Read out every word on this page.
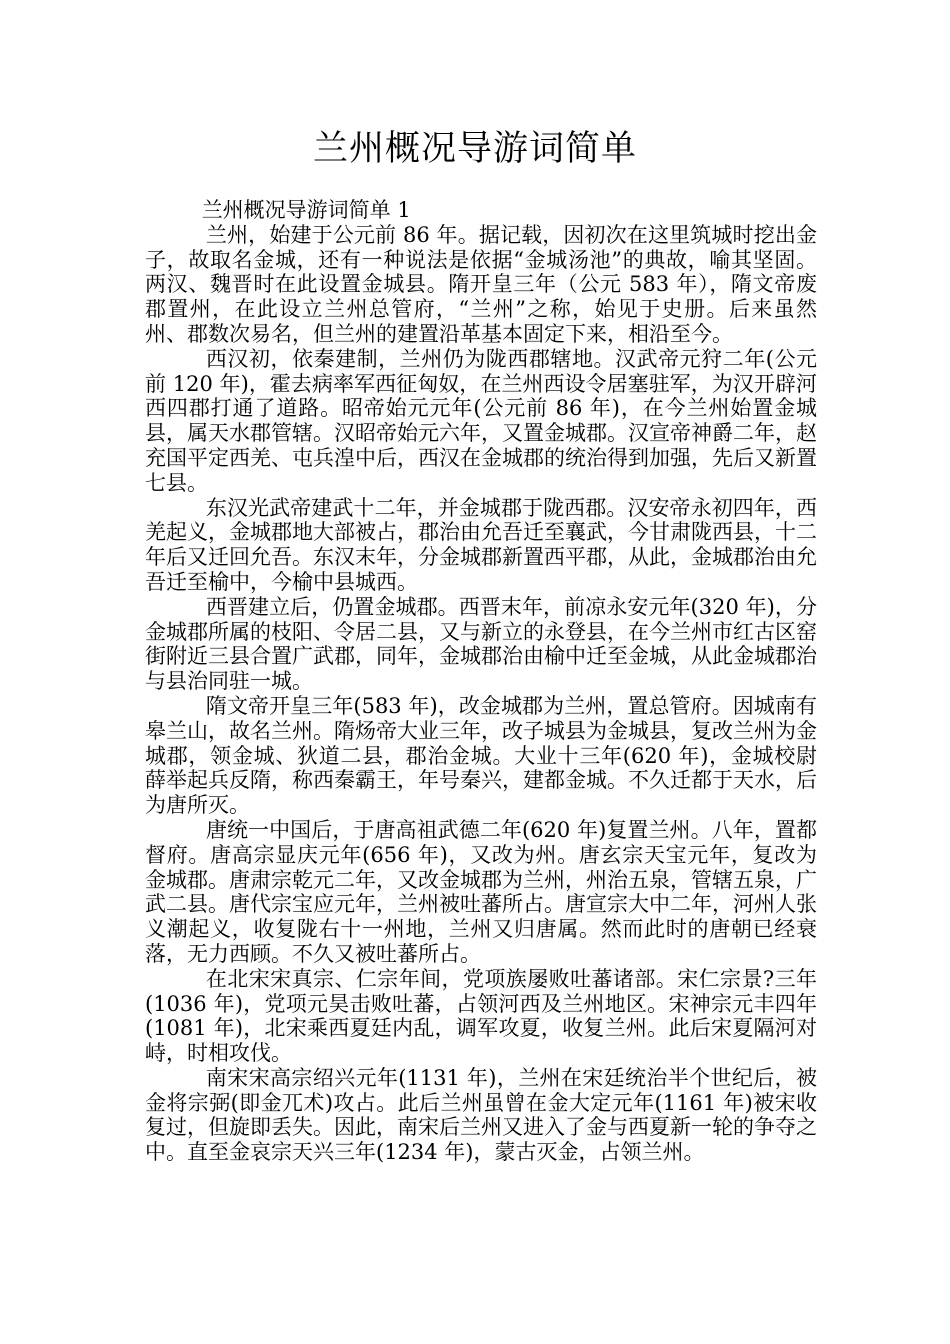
兰州概况导游词简单

兰州概况导游词简单 1

兰州，始建于公元前 86 年。据记载，因初次在这里筑城时挖出金子，故取名金城，还有一种说法是依据“金城汤池”的典故，喻其坚固。两汉、魏晋时在此设置金城县。隋开皇三年（公元 583 年），隋文帝废郡置州，在此设立兰州总管府，“兰州”之称，始见于史册。后来虽然州、郡数次易名，但兰州的建置沿革基本固定下来，相沿至今。

西汉初，依秦建制，兰州仍为陇西郡辖地。汉武帝元狩二年(公元前 120 年)，霍去病率军西征匈奴，在兰州西设令居塞驻军，为汉开辟河西四郡打通了道路。昭帝始元元年(公元前 86 年)，在今兰州始置金城县，属天水郡管辖。汉昭帝始元六年，又置金城郡。汉宣帝神爵二年，赵充国平定西羌、屯兵湟中后，西汉在金城郡的统治得到加强，先后又新置七县。

东汉光武帝建武十二年，并金城郡于陇西郡。汉安帝永初四年，西羌起义，金城郡地大部被占，郡治由允吾迁至襄武，今甘肃陇西县，十二年后又迁回允吾。东汉末年，分金城郡新置西平郡，从此，金城郡治由允吾迁至榆中，今榆中县城西。

西晋建立后，仍置金城郡。西晋末年，前凉永安元年(320 年)，分金城郡所属的枝阳、令居二县，又与新立的永登县，在今兰州市红古区窑街附近三县合置广武郡，同年，金城郡治由榆中迁至金城，从此金城郡治与县治同驻一城。

隋文帝开皇三年(583 年)，改金城郡为兰州，置总管府。因城南有皋兰山，故名兰州。隋炀帝大业三年，改子城县为金城县，复改兰州为金城郡，领金城、狄道二县，郡治金城。大业十三年(620 年)，金城校尉薛举起兵反隋，称西秦霸王，年号秦兴，建都金城。不久迁都于天水，后为唐所灭。

唐统一中国后，于唐高祖武德二年(620 年)复置兰州。八年，置都督府。唐高宗显庆元年(656 年)，又改为州。唐玄宗天宝元年，复改为金城郡。唐肃宗乾元二年，又改金城郡为兰州，州治五泉，管辖五泉，广武二县。唐代宗宝应元年，兰州被吐蕃所占。唐宣宗大中二年，河州人张义潮起义，收复陇右十一州地，兰州又归唐属。然而此时的唐朝已经衰落，无力西顾。不久又被吐蕃所占。

在北宋宋真宗、仁宗年间，党项族屡败吐蕃诸部。宋仁宗景?三年(1036 年)，党项元昊击败吐蕃，占领河西及兰州地区。宋神宗元丰四年(1081 年)，北宋乘西夏廷内乱，调军攻夏，收复兰州。此后宋夏隔河对峙，时相攻伐。

南宋宋高宗绍兴元年(1131 年)，兰州在宋廷统治半个世纪后，被金将宗弼(即金兀术)攻占。此后兰州虽曾在金大定元年(1161 年)被宋收复过，但旋即丢失。因此，南宋后兰州又进入了金与西夏新一轮的争夺之中。直至金哀宗天兴三年(1234 年)，蒙古灭金，占领兰州。
